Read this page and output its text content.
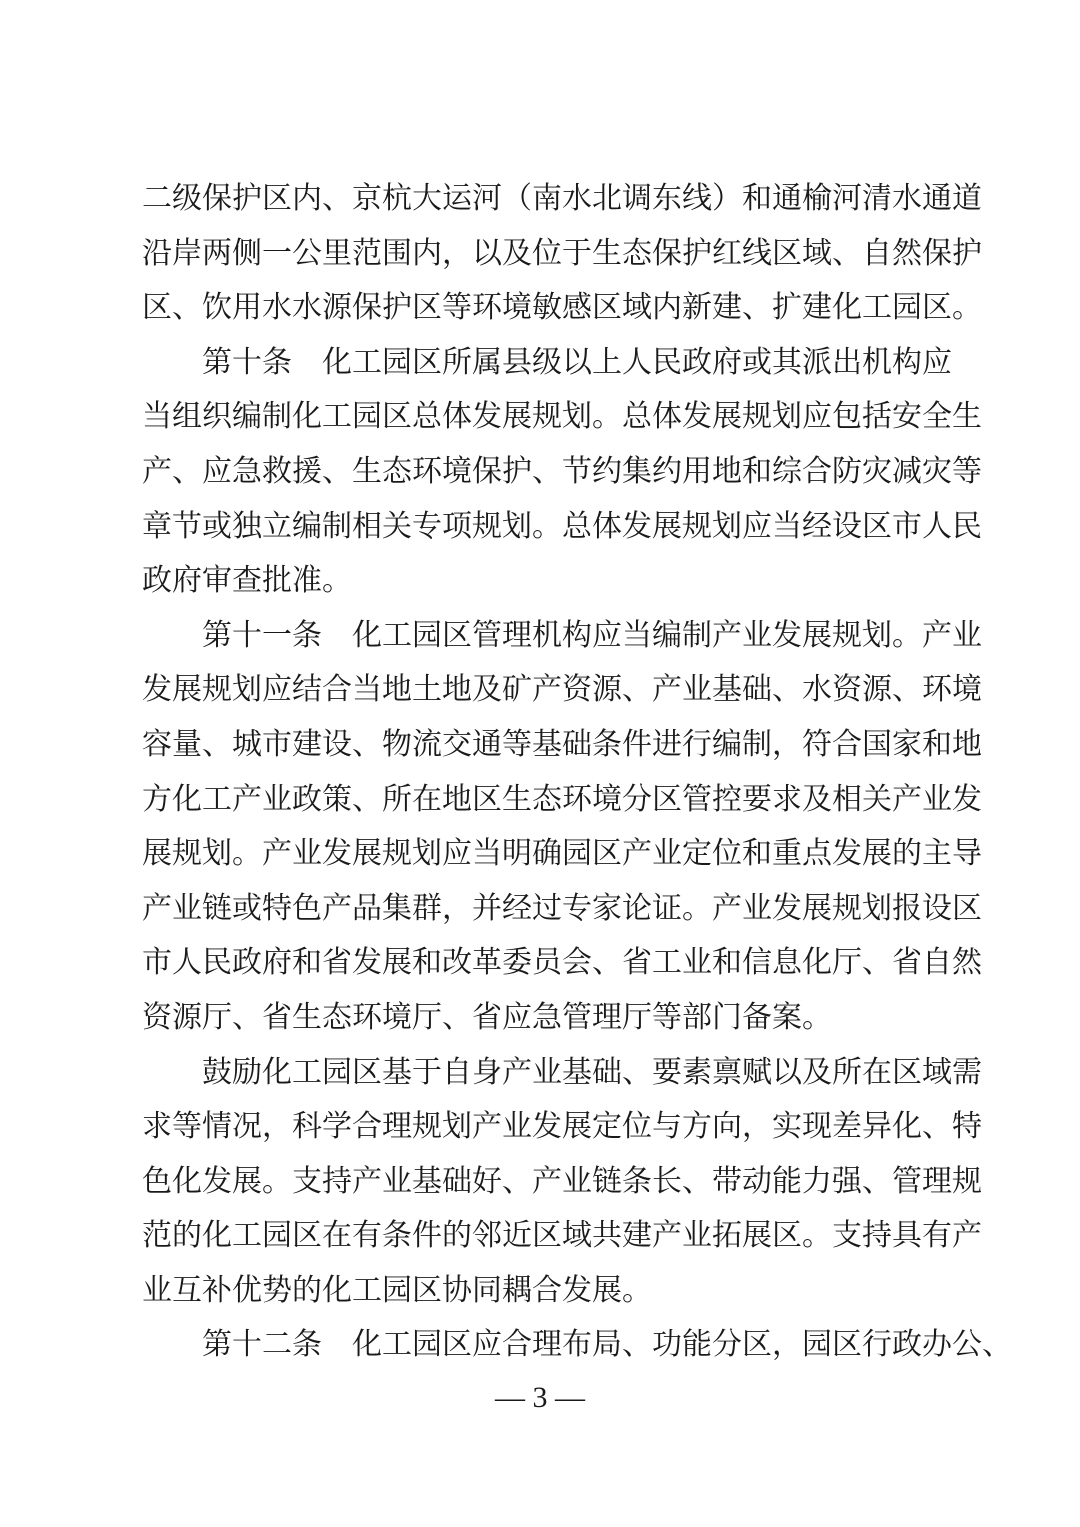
二级保护区内、京杭大运河（南水北调东线）和通榆河清水通道
沿岸两侧一公里范围内，以及位于生态保护红线区域、自然保护
区、饮用水水源保护区等环境敏感区域内新建、扩建化工园区。
第十条　化工园区所属县级以上人民政府或其派出机构应
当组织编制化工园区总体发展规划。总体发展规划应包括安全生
产、应急救援、生态环境保护、节约集约用地和综合防灾减灾等
章节或独立编制相关专项规划。总体发展规划应当经设区市人民
政府审查批准。
第十一条　化工园区管理机构应当编制产业发展规划。产业
发展规划应结合当地土地及矿产资源、产业基础、水资源、环境
容量、城市建设、物流交通等基础条件进行编制，符合国家和地
方化工产业政策、所在地区生态环境分区管控要求及相关产业发
展规划。产业发展规划应当明确园区产业定位和重点发展的主导
产业链或特色产品集群，并经过专家论证。产业发展规划报设区
市人民政府和省发展和改革委员会、省工业和信息化厅、省自然
资源厅、省生态环境厅、省应急管理厅等部门备案。
鼓励化工园区基于自身产业基础、要素禀赋以及所在区域需
求等情况，科学合理规划产业发展定位与方向，实现差异化、特
色化发展。支持产业基础好、产业链条长、带动能力强、管理规
范的化工园区在有条件的邻近区域共建产业拓展区。支持具有产
业互补优势的化工园区协同耦合发展。
第十二条　化工园区应合理布局、功能分区，园区行政办公、
— 3 —
